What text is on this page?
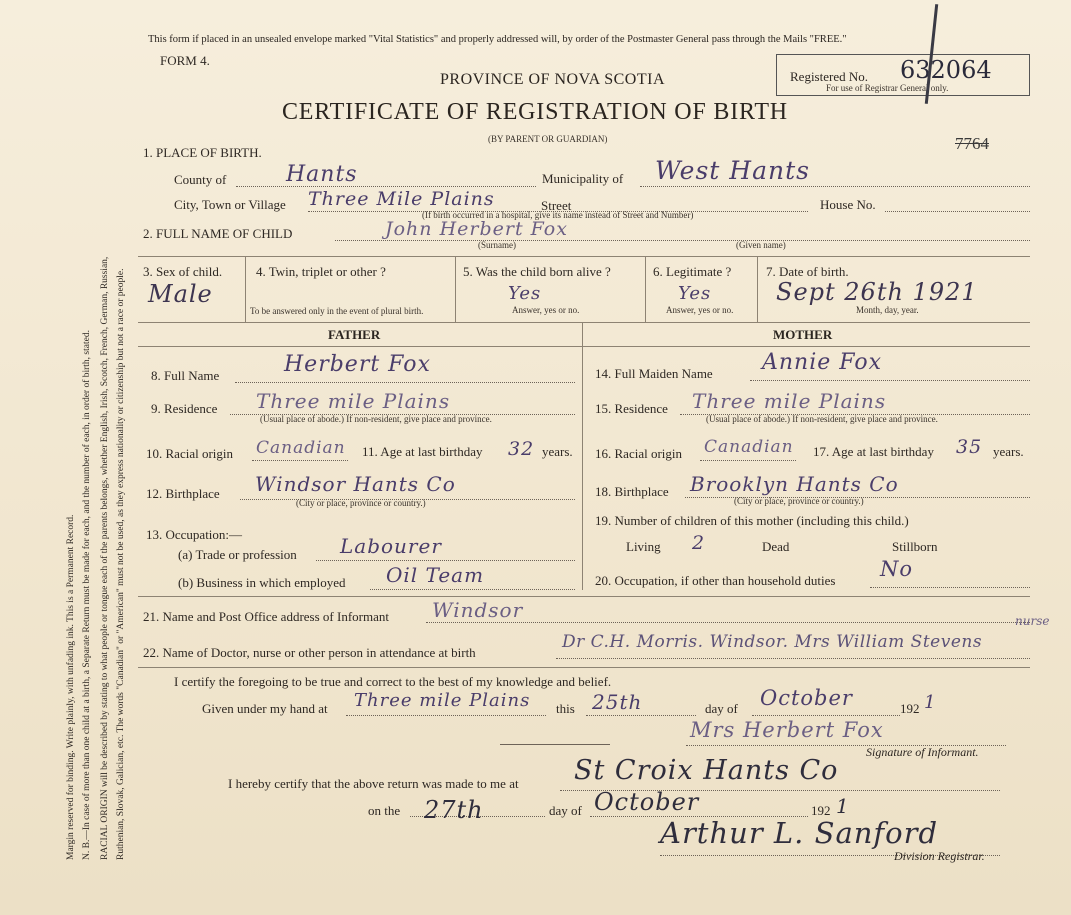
Margin reserved for binding. Write plainly, with unfading ink. This is a Permanent Record. N. B.—In case of more than one child at a birth, a Separate Return must be made for each, and the number of each, in order of birth, stated. RACIAL ORIGIN will be described by stating to what people or tongue each of the parents belongs, whether English, Irish, Scotch, French, German, Russian, Ruthenian, Slovak, Galician, etc. The words "Canadian" or "American" must not be used, as they express nationality or citizenship but not a race or people.
This form if placed in an unsealed envelope marked "Vital Statistics" and properly addressed will, by order of the Postmaster General pass through the Mails "FREE."
FORM 4.
PROVINCE OF NOVA SCOTIA
CERTIFICATE OF REGISTRATION OF BIRTH
(BY PARENT OR GUARDIAN)
Registered No. 632064
For use of Registrar General only.
7764
1. PLACE OF BIRTH.
County of	Hants	Municipality of West Hants
City, Town or Village Three Mile Plains	Street	House No.
(If birth occurred in a hospital, give its name instead of Street and Number)
2. FULL NAME OF CHILD	John Herbert Fox
(Surname)	(Given name)
3. Sex of child.
Male
4. Twin, triplet or other ?
To be answered only in the event of plural birth.
5. Was the child born alive ?
Yes
Answer, yes or no.
6. Legitimate ?
Yes
Answer, yes or no.
7. Date of birth.
Sept 26th 1921
Month, day, year.
FATHER	MOTHER
8. Full Name	Herbert Fox
9. Residence Three mile Plains
(Usual place of abode.) If non-resident, give place and province.
10. Racial origin Canadian 11. Age at last birthday 32 years.
12. Birthplace Windsor Hants Co
(City or place, province or country.)
13. Occupation:—
(a) Trade or profession Labourer
(b) Business in which employed Oil Team
14. Full Maiden Name Annie Fox
15. Residence Three mile Plains
(Usual place of abode.) If non-resident, give place and province.
16. Racial origin Canadian 17. Age at last birthday 35 years.
18. Birthplace Brooklyn Hants Co
(City or place, province or country.)
19. Number of children of this mother (including this child.)
Living 2	Dead	Stillborn
20. Occupation, if other than household duties No
21. Name and Post Office address of Informant Windsor
22. Name of Doctor, nurse or other person in attendance at birth
Dr C.H. Morris. Windsor. Mrs William Stevens
nurse
I certify the foregoing to be true and correct to the best of my knowledge and belief.
Given under my hand at Three mile Plains this 25th	day of October	192 1
Mrs Herbert Fox
Signature of Informant.
I hereby certify that the above return was made to me at St Croix Hants Co
on the 27th	day of October	192 1
Arthur L. Sanford
Division Registrar.
